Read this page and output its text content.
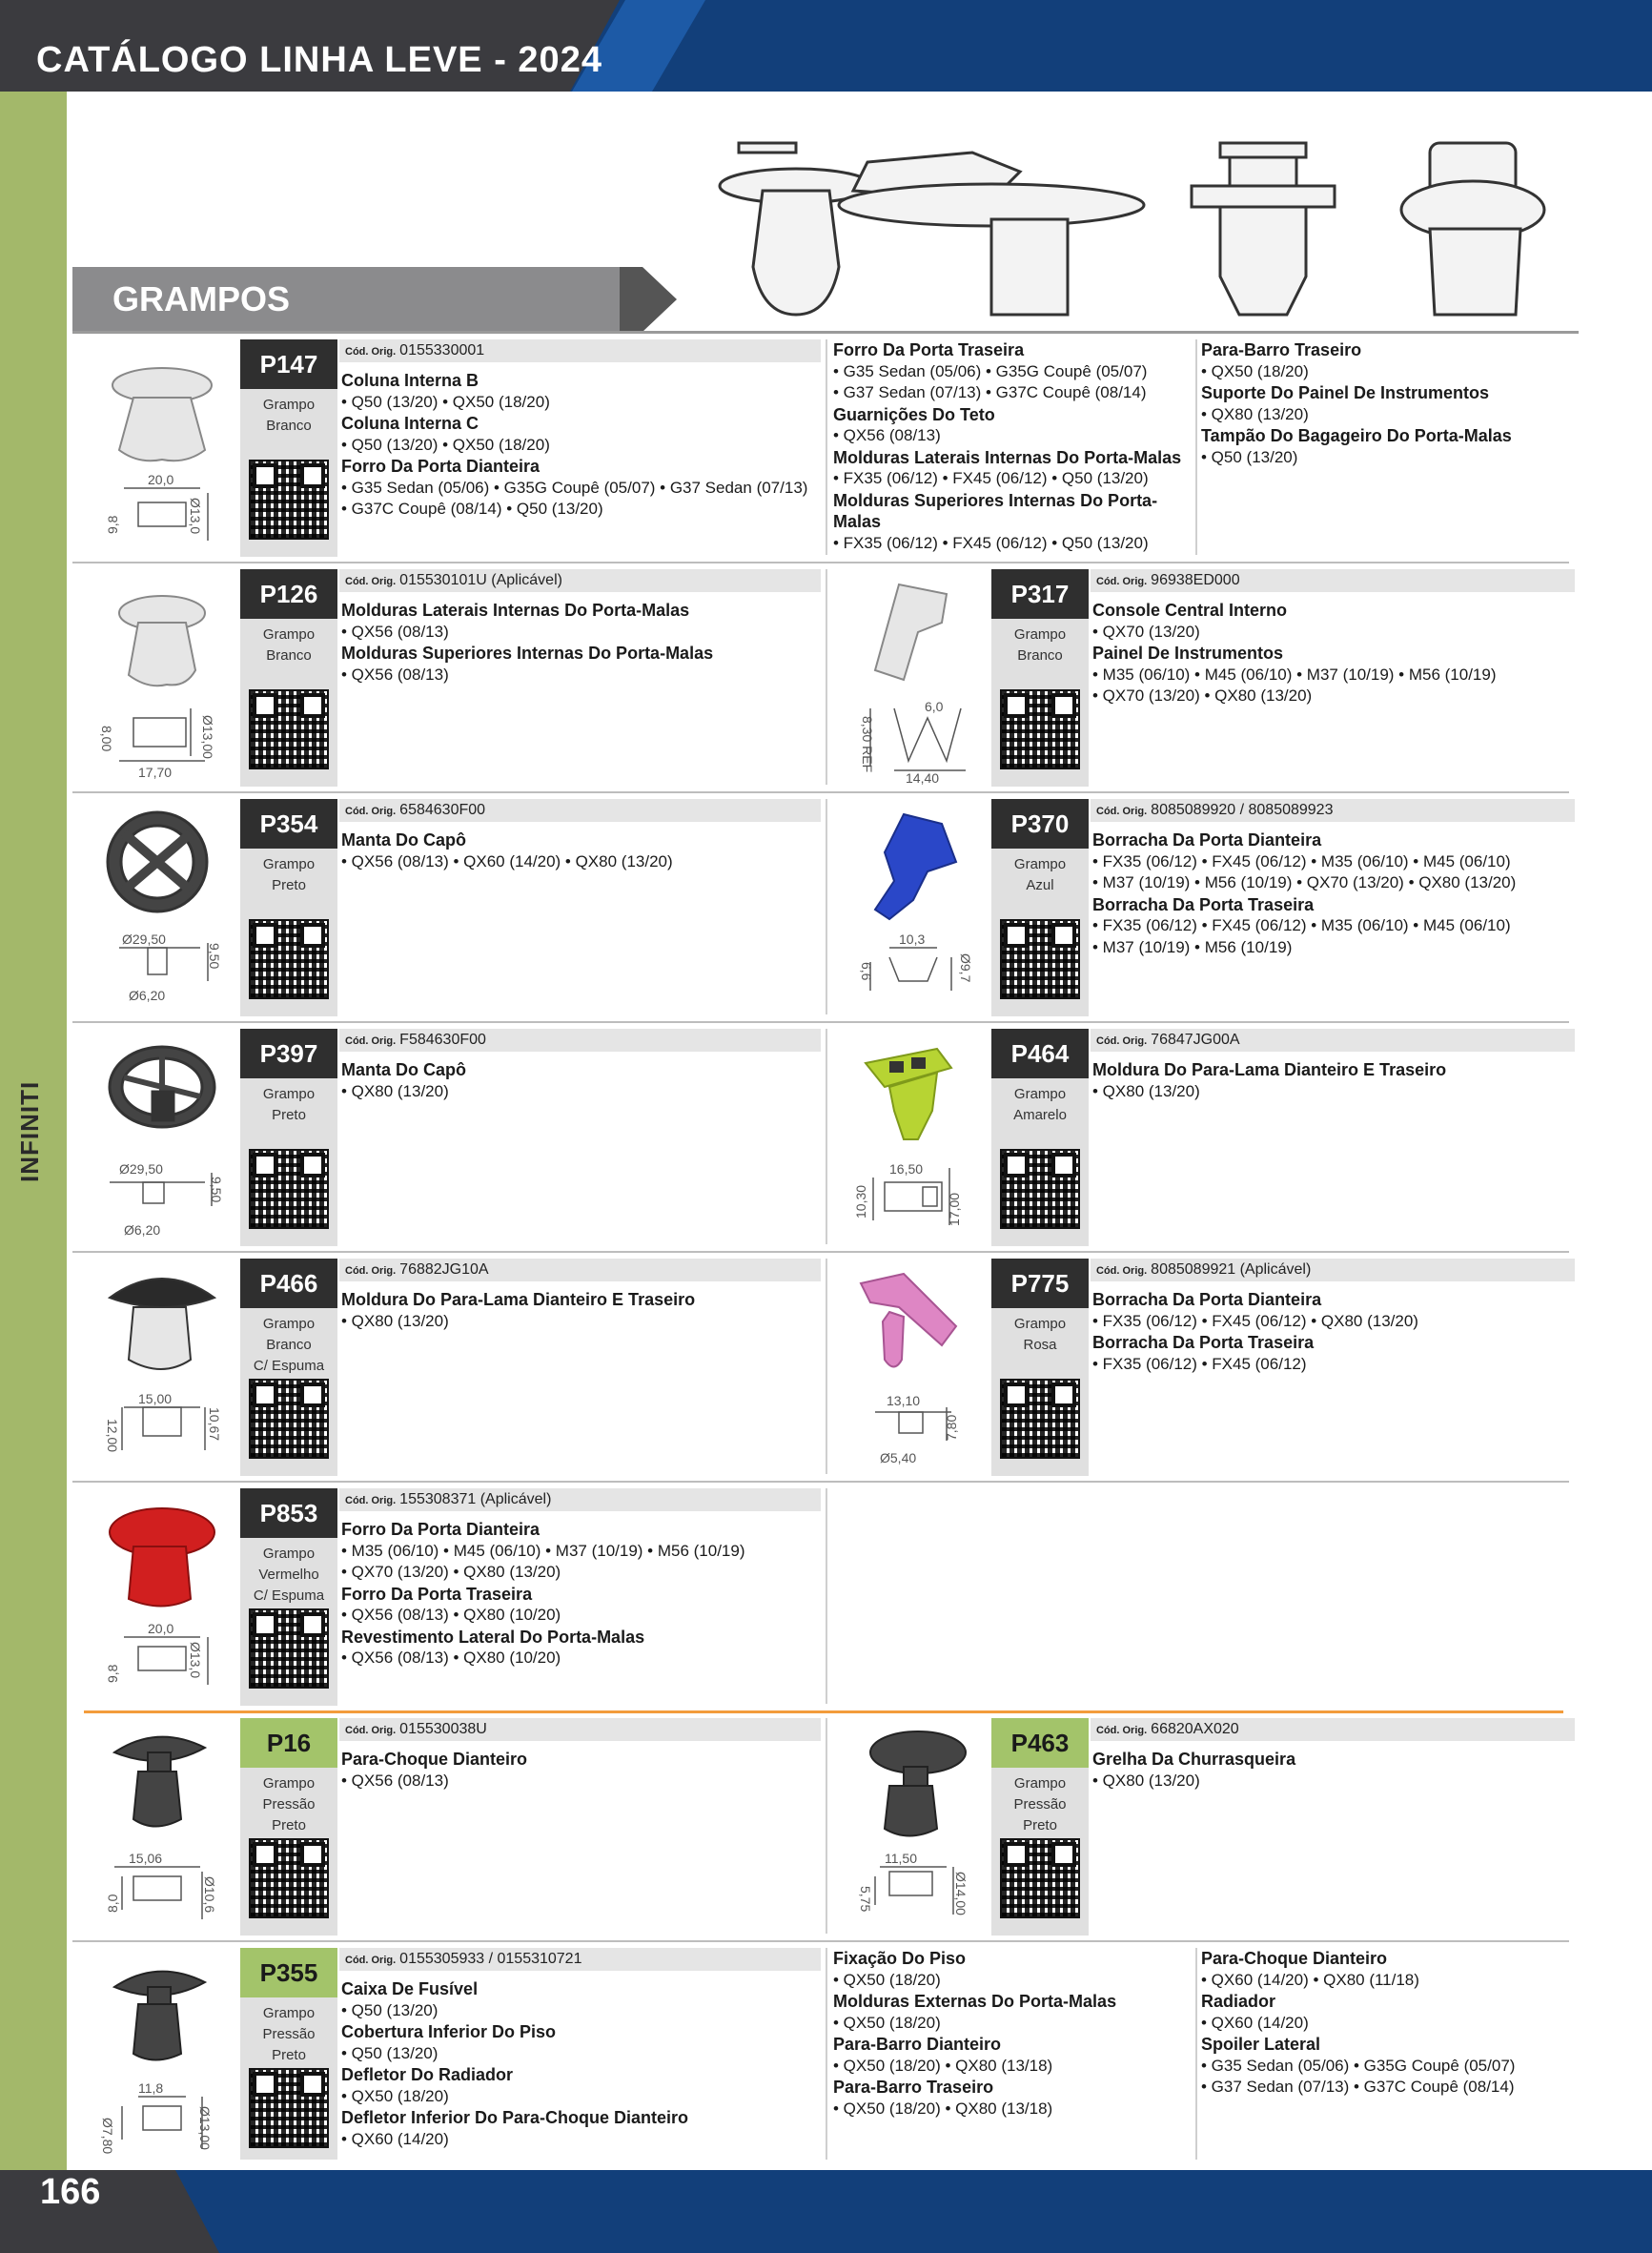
CATÁLOGO LINHA LEVE - 2024
INFINITI
GRAMPOS
20,0
9,8	Ø13,0
P147
Grampo
Branco
Cód. Orig. 0155330001
Coluna Interna B
• Q50 (13/20) • QX50 (18/20)
Coluna Interna C
• Q50 (13/20) • QX50 (18/20)
Forro Da Porta Dianteira
• G35 Sedan (05/06) • G35G Coupê (05/07) • G37 Sedan (07/13)
• G37C Coupê (08/14) • Q50 (13/20)
Forro Da Porta Traseira
• G35 Sedan (05/06) • G35G Coupê (05/07)
• G37 Sedan (07/13) • G37C Coupê (08/14)
Guarnições Do Teto
• QX56 (08/13)
Molduras Laterais Internas Do Porta-Malas
• FX35 (06/12) • FX45 (06/12) • Q50 (13/20)
Molduras Superiores Internas Do Porta-Malas
• FX35 (06/12) • FX45 (06/12) • Q50 (13/20)
Para-Barro Traseiro
• QX50 (18/20)
Suporte Do Painel De Instrumentos
• QX80 (13/20)
Tampão Do Bagageiro Do Porta-Malas
• Q50 (13/20)
8,00
17,70
Ø13,00
P126
Grampo
Branco
Cód. Orig. 015530101U (Aplicável)
Molduras Laterais Internas Do Porta-Malas
• QX56 (08/13)
Molduras Superiores Internas Do Porta-Malas
• QX56 (08/13)
6,0
8,30 REF
14,40
P317
Grampo
Branco
Cód. Orig. 96938ED000
Console Central Interno
• QX70 (13/20)
Painel De Instrumentos
• M35 (06/10) • M45 (06/10) • M37 (10/19) • M56 (10/19)
• QX70 (13/20) • QX80 (13/20)
Ø29,50
9,50
Ø6,20
P354
Grampo
Preto
Cód. Orig. 6584630F00
Manta Do Capô
• QX56 (08/13) • QX60 (14/20) • QX80 (13/20)
10,3
6,6	Ø9,7
P370
Grampo
Azul
Cód. Orig. 8085089920 / 8085089923
Borracha Da Porta Dianteira
• FX35 (06/12) • FX45 (06/12) • M35 (06/10) • M45 (06/10)
• M37 (10/19) • M56 (10/19) • QX70 (13/20) • QX80 (13/20)
Borracha Da Porta Traseira
• FX35 (06/12) • FX45 (06/12) • M35 (06/10) • M45 (06/10)
• M37 (10/19) • M56 (10/19)
Ø29,50
9,50
Ø6,20
P397
Grampo
Preto
Cód. Orig. F584630F00
Manta Do Capô
• QX80 (13/20)
16,50
10,30	17,00
P464
Grampo
Amarelo
Cód. Orig. 76847JG00A
Moldura Do Para-Lama Dianteiro E Traseiro
• QX80 (13/20)
15,00
12,00	10,67
P466
Grampo
Branco
C/ Espuma
Cód. Orig. 76882JG10A
Moldura Do Para-Lama Dianteiro E Traseiro
• QX80 (13/20)
13,10
7,80
Ø5,40
P775
Grampo
Rosa
Cód. Orig. 8085089921 (Aplicável)
Borracha Da Porta Dianteira
• FX35 (06/12) • FX45 (06/12) • QX80 (13/20)
Borracha Da Porta Traseira
• FX35 (06/12) • FX45 (06/12)
20,0
9,8	Ø13,0
P853
Grampo
Vermelho
C/ Espuma
Cód. Orig. 155308371 (Aplicável)
Forro Da Porta Dianteira
• M35 (06/10) • M45 (06/10) • M37 (10/19) • M56 (10/19)
• QX70 (13/20) • QX80 (13/20)
Forro Da Porta Traseira
• QX56 (08/13) • QX80 (10/20)
Revestimento Lateral Do Porta-Malas
• QX56 (08/13) • QX80 (10/20)
15,06
8,0	Ø10,6
P16
Grampo Pressão
Preto
Cód. Orig. 015530038U
Para-Choque Dianteiro
• QX56 (08/13)
11,50
5,75	Ø14,00
P463
Grampo Pressão
Preto
Cód. Orig. 66820AX020
Grelha Da Churrasqueira
• QX80 (13/20)
11,8
Ø7,80	Ø13,00
P355
Grampo Pressão
Preto
Cód. Orig. 0155305933 / 0155310721
Caixa De Fusível
• Q50 (13/20)
Cobertura Inferior Do Piso
• Q50 (13/20)
Defletor Do Radiador
• QX50 (18/20)
Defletor Inferior Do Para-Choque Dianteiro
• QX60 (14/20)
Fixação Do Piso
• QX50 (18/20)
Molduras Externas Do Porta-Malas
• QX50 (18/20)
Para-Barro Dianteiro
• QX50 (18/20) • QX80 (13/18)
Para-Barro Traseiro
• QX50 (18/20) • QX80 (13/18)
Para-Choque Dianteiro
• QX60 (14/20) • QX80 (11/18)
Radiador
• QX60 (14/20)
Spoiler Lateral
• G35 Sedan (05/06) • G35G Coupê (05/07)
• G37 Sedan (07/13) • G37C Coupê (08/14)
166
